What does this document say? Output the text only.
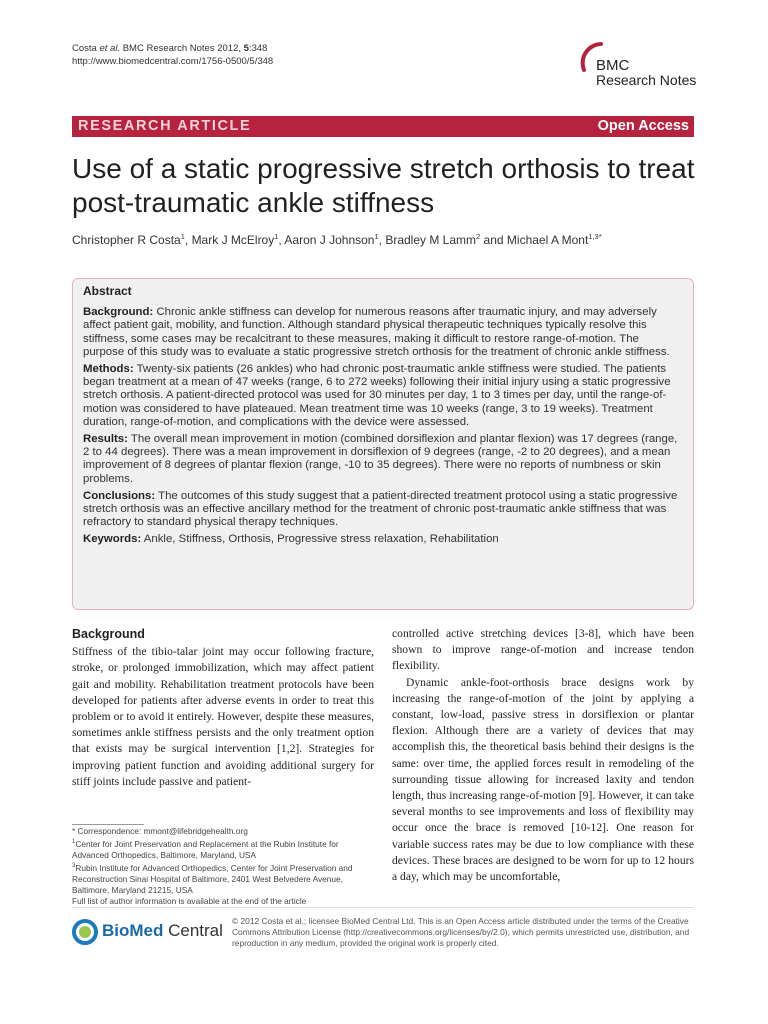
Costa et al. BMC Research Notes 2012, 5:348
http://www.biomedcentral.com/1756-0500/5/348	BMC
Research Notes
RESEARCH ARTICLE	Open Access
Use of a static progressive stretch orthosis to treat post-traumatic ankle stiffness
Christopher R Costa$^1$, Mark J McElroy$^1$, Aaron J Johnson$^1$, Bradley M Lamm$^2$ and Michael A Mont$^{1,3*}$
Abstract

Background: Chronic ankle stiffness can develop for numerous reasons after traumatic injury, and may adversely affect patient gait, mobility, and function. Although standard physical therapeutic techniques typically resolve this stiffness, some cases may be recalcitrant to these measures, making it difficult to restore range-of-motion. The purpose of this study was to evaluate a static progressive stretch orthosis for the treatment of chronic ankle stiffness.

Methods: Twenty-six patients (26 ankles) who had chronic post-traumatic ankle stiffness were studied. The patients began treatment at a mean of 47 weeks (range, 6 to 272 weeks) following their initial injury using a static progressive stretch orthosis. A patient-directed protocol was used for 30 minutes per day, 1 to 3 times per day, until the range-of-motion was considered to have plateaued. Mean treatment time was 10 weeks (range, 3 to 19 weeks). Treatment duration, range-of-motion, and complications with the device were assessed.

Results: The overall mean improvement in motion (combined dorsiflexion and plantar flexion) was 17 degrees (range, 2 to 44 degrees). There was a mean improvement in dorsiflexion of 9 degrees (range, -2 to 20 degrees), and a mean improvement of 8 degrees of plantar flexion (range, -10 to 35 degrees). There were no reports of numbness or skin problems.

Conclusions: The outcomes of this study suggest that a patient-directed treatment protocol using a static progressive stretch orthosis was an effective ancillary method for the treatment of chronic post-traumatic ankle stiffness that was refractory to standard physical therapy techniques.

Keywords: Ankle, Stiffness, Orthosis, Progressive stress relaxation, Rehabilitation

Background

Stiffness of the tibio-talar joint may occur following fracture, stroke, or prolonged immobilization, which may affect patient gait and mobility. Rehabilitation treatment protocols have been developed for patients after adverse events in order to treat this problem or to avoid it entirely. However, despite these measures, sometimes ankle stiffness persists and the only treatment option that exists may be surgical intervention [1,2]. Strategies for improving patient function and avoiding additional surgery for stiff joints include passive and patient-

controlled active stretching devices [3-8], which have been shown to improve range-of-motion and increase tendon flexibility.

Dynamic ankle-foot-orthosis brace designs work by increasing the range-of-motion of the joint by applying a constant, low-load, passive stress in dorsiflexion or plantar flexion. Although there are a variety of devices that may accomplish this, the theoretical basis behind their designs is the same: over time, the applied forces result in remodeling of the surrounding tissue allowing for increased laxity and tendon length, thus increasing range-of-motion [9]. However, it can take several months to see improvements and loss of flexibility may occur once the brace is removed [10-12]. One reason for variable success rates may be due to low compliance with these devices. These braces are designed to be worn for up to 12 hours a day, which may be uncomfortable,

* Correspondence: mmont@lifebridgehealth.org
$^1$Center for Joint Preservation and Replacement at the Rubin Institute for Advanced Orthopedics, Baltimore, Maryland, USA
$^3$Rubin Institute for Advanced Orthopedics, Center for Joint Preservation and Reconstruction Sinai Hospital of Baltimore, 2401 West Belvedere Avenue, Baltimore, Maryland 21215, USA
Full list of author information is available at the end of the article
BioMed Central © 2012 Costa et al.; licensee BioMed Central Ltd. This is an Open Access article distributed under the terms of the Creative Commons Attribution License (http://creativecommons.org/licenses/by/2.0), which permits unrestricted use, distribution, and reproduction in any medium, provided the original work is properly cited.
